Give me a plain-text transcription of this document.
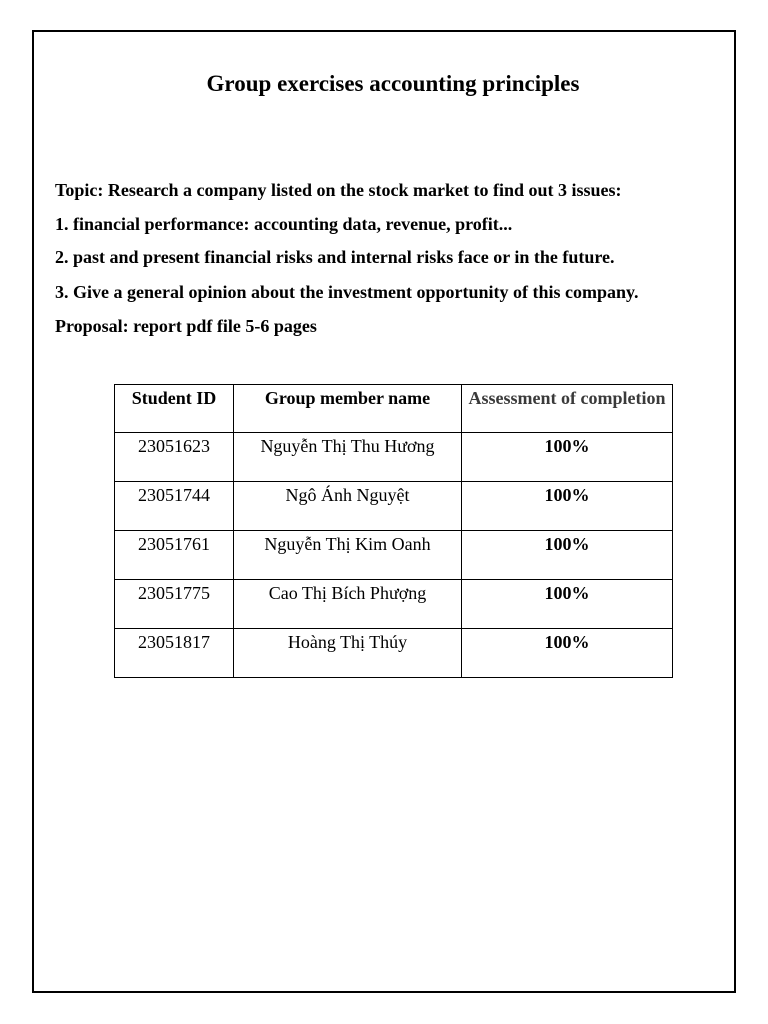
Group exercises accounting principles

Topic: Research a company listed on the stock market to find out 3 issues:

1. financial performance: accounting data, revenue, profit...

2. past and present financial risks and internal risks face or in the future.

3. Give a general opinion about the investment opportunity of this company.

Proposal: report pdf file 5-6 pages

Student ID	Group member name	Assessment of completion
23051623	Nguyễn Thị Thu Hương	100%
23051744	Ngô Ánh Nguyệt	100%
23051761	Nguyễn Thị Kim Oanh	100%
23051775	Cao Thị Bích Phượng	100%
23051817	Hoàng Thị Thúy	100%
